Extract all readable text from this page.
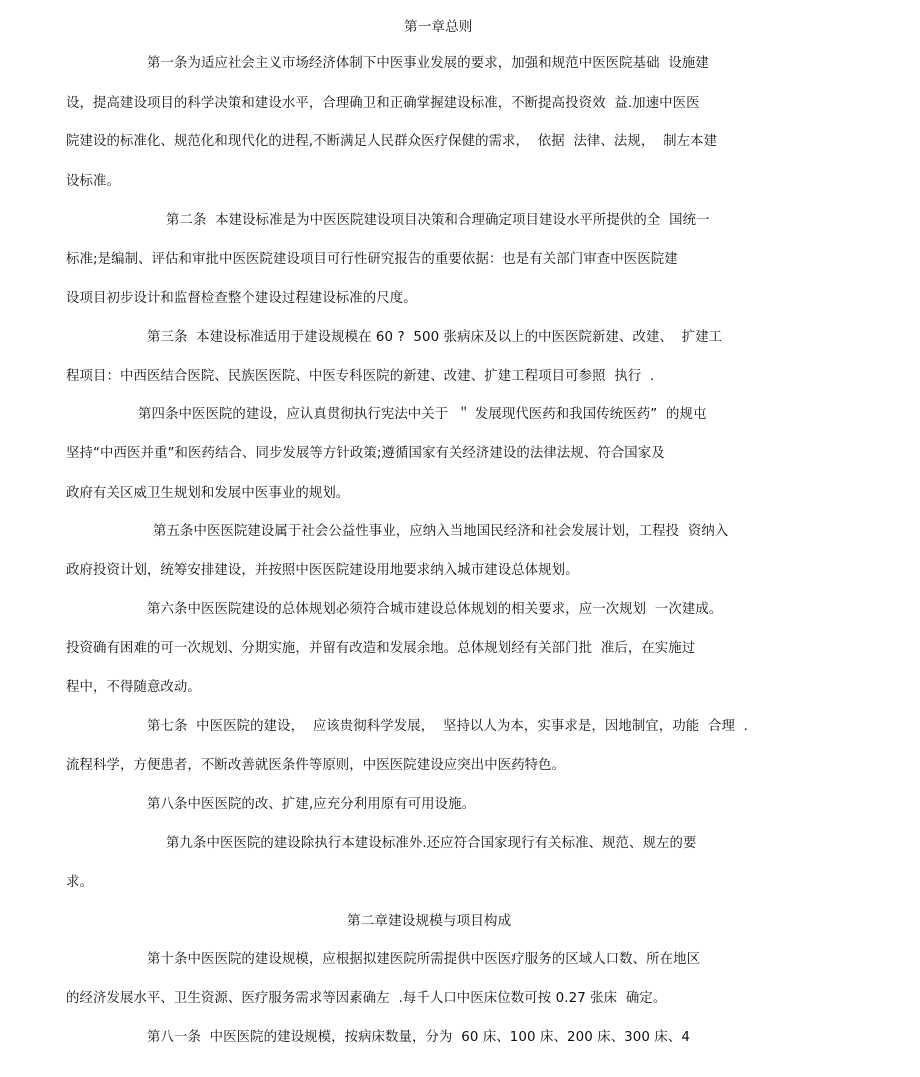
第一章总则
第一条为适应社会主义市场经济体制下中医事业发展的要求，加强和规范中医医院基础  设施建
设，提高建设项目的科学决策和建设水平，合理确卫和正确掌握建设标准，不断提高投资效  益.加速中医医
院建设的标准化、规范化和现代化的进程,不断满足人民群众医疗保健的需求，  依据  法律、法规，  制左本建
设标准。
第二条  本建设标准是为中医医院建设项目决策和合理确定项目建设水平所提供的全  国统一
标准;是编制、评估和审批中医医院建设项目可行性研究报告的重要依据：也是有关部门审查中医医院建
设项目初步设计和监督检查整个建设过程建设标准的尺度。
第三条  本建设标准适用于建设规模在 60 ?  500 张病床及以上的中医医院新建、改建、  扩建工
程项目：中西医结合医院、民族医医院、中医专科医院的新建、改建、扩建工程项目可参照  执行  .
第四条中医医院的建设，应认真贯彻执行宪法中关于  ＂ 发展现代医药和我国传统医药”  的规屯
坚持“中西医并重”和医药结合、同步发展等方针政策;遵循国家有关经济建设的法律法规、符合国家及
政府有关区威卫生规划和发展中医事业的规划。
第五条中医医院建设属于社会公益性事业，应纳入当地国民经济和社会发展计划，工程投  资纳入
政府投资计划，统筹安排建设，并按照中医医院建设用地要求纳入城市建设总体规划。
第六条中医医院建设的总体规划必须符合城市建设总体规划的相关要求，应一次规划  一次建成。
投资确有困难的可一次规划、分期实施，并留有改造和发展余地。总体规划经有关部门批  准后，在实施过
程中，不得随意改动。
第七条  中医医院的建设，  应该贵彻科学发展，  坚持以人为本，实事求是，因地制宜，功能  合理  .
流程科学，方便患者，不断改善就医条件等原则，中医医院建设应突出中医药特色。
第八条中医医院的改、扩建,应充分利用原有可用设施。
第九条中医医院的建设除执行本建设标准外.还应符合国家现行有关标准、规范、规左的要
求。
第二章建设规模与项目构成
第十条中医医院的建设规模，应根据拟建医院所需提供中医医疗服务的区域人口数、所在地区
的经济发展水平、卫生资源、医疗服务需求等因素确左  .每千人口中医床位数可按 0.27 张床  确定。
第八一条  中医医院的建设规模，按病床数量，分为  60 床、100 床、200 床、300 床、4
